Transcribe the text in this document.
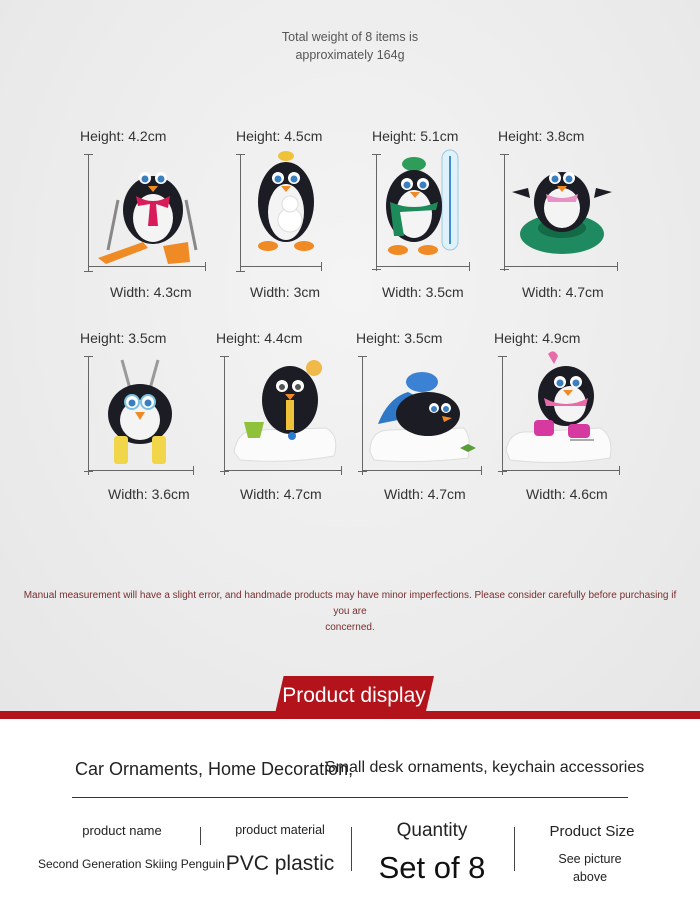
Total weight of 8 items is
approximately 164g
Height: 4.2cm
Width: 4.3cm
Height: 4.5cm
Width: 3cm
Height: 5.1cm
Width: 3.5cm
Height: 3.8cm
Width: 4.7cm
Height: 3.5cm
Width: 3.6cm
Height: 4.4cm
Width: 4.7cm
Height: 3.5cm
Width: 4.7cm
Height: 4.9cm
Width: 4.6cm
Manual measurement will have a slight error, and handmade products may have minor imperfections. Please consider carefully before purchasing if you are
concerned.
Product display
Car Ornaments, Home Decoration,
Small desk ornaments, keychain accessories
product name
Second Generation Skiing Penguin
product material
PVC plastic
Quantity
Set of 8
Product Size
See picture
above
